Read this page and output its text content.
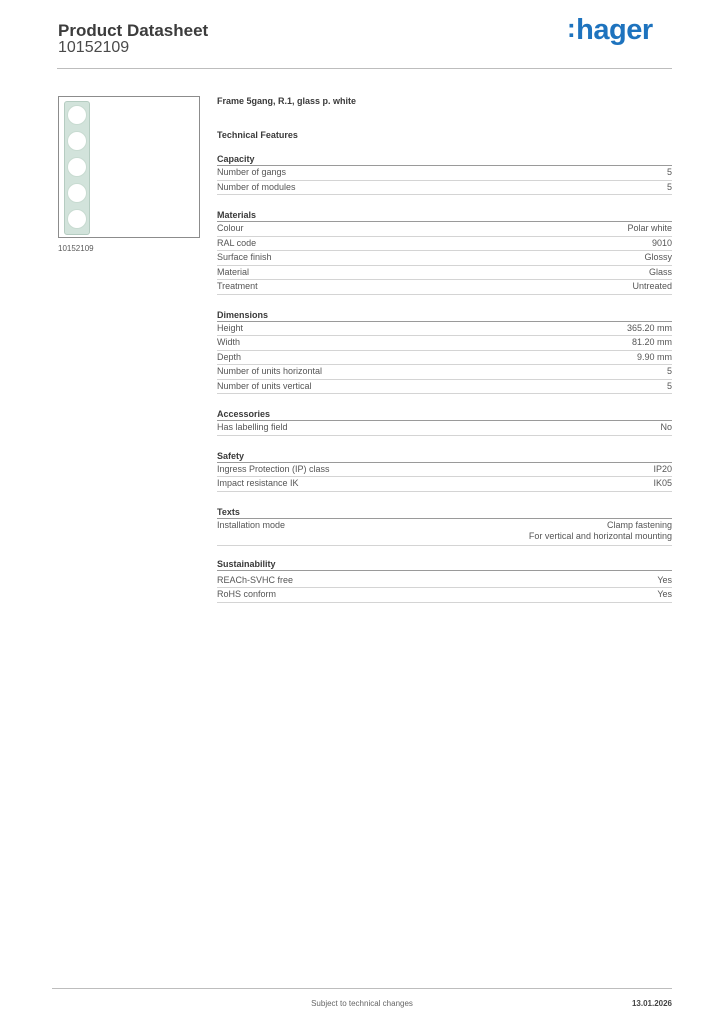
Product Datasheet
10152109
:hager
10152109
Frame 5gang, R.1, glass p. white
Technical Features
Capacity
Number of gangs	5
Number of modules	5
Materials
Colour	Polar white
RAL code	9010
Surface finish	Glossy
Material	Glass
Treatment	Untreated
Dimensions
Height	365.20 mm
Width	81.20 mm
Depth	9.90 mm
Number of units horizontal	5
Number of units vertical	5
Accessories
Has labelling field	No
Safety
Ingress Protection (IP) class	IP20
Impact resistance IK	IK05
Texts
Installation mode	Clamp fastening
For vertical and horizontal mounting
Sustainability
REACh-SVHC free	Yes
RoHS conform	Yes
Subject to technical changes	13.01.2026
